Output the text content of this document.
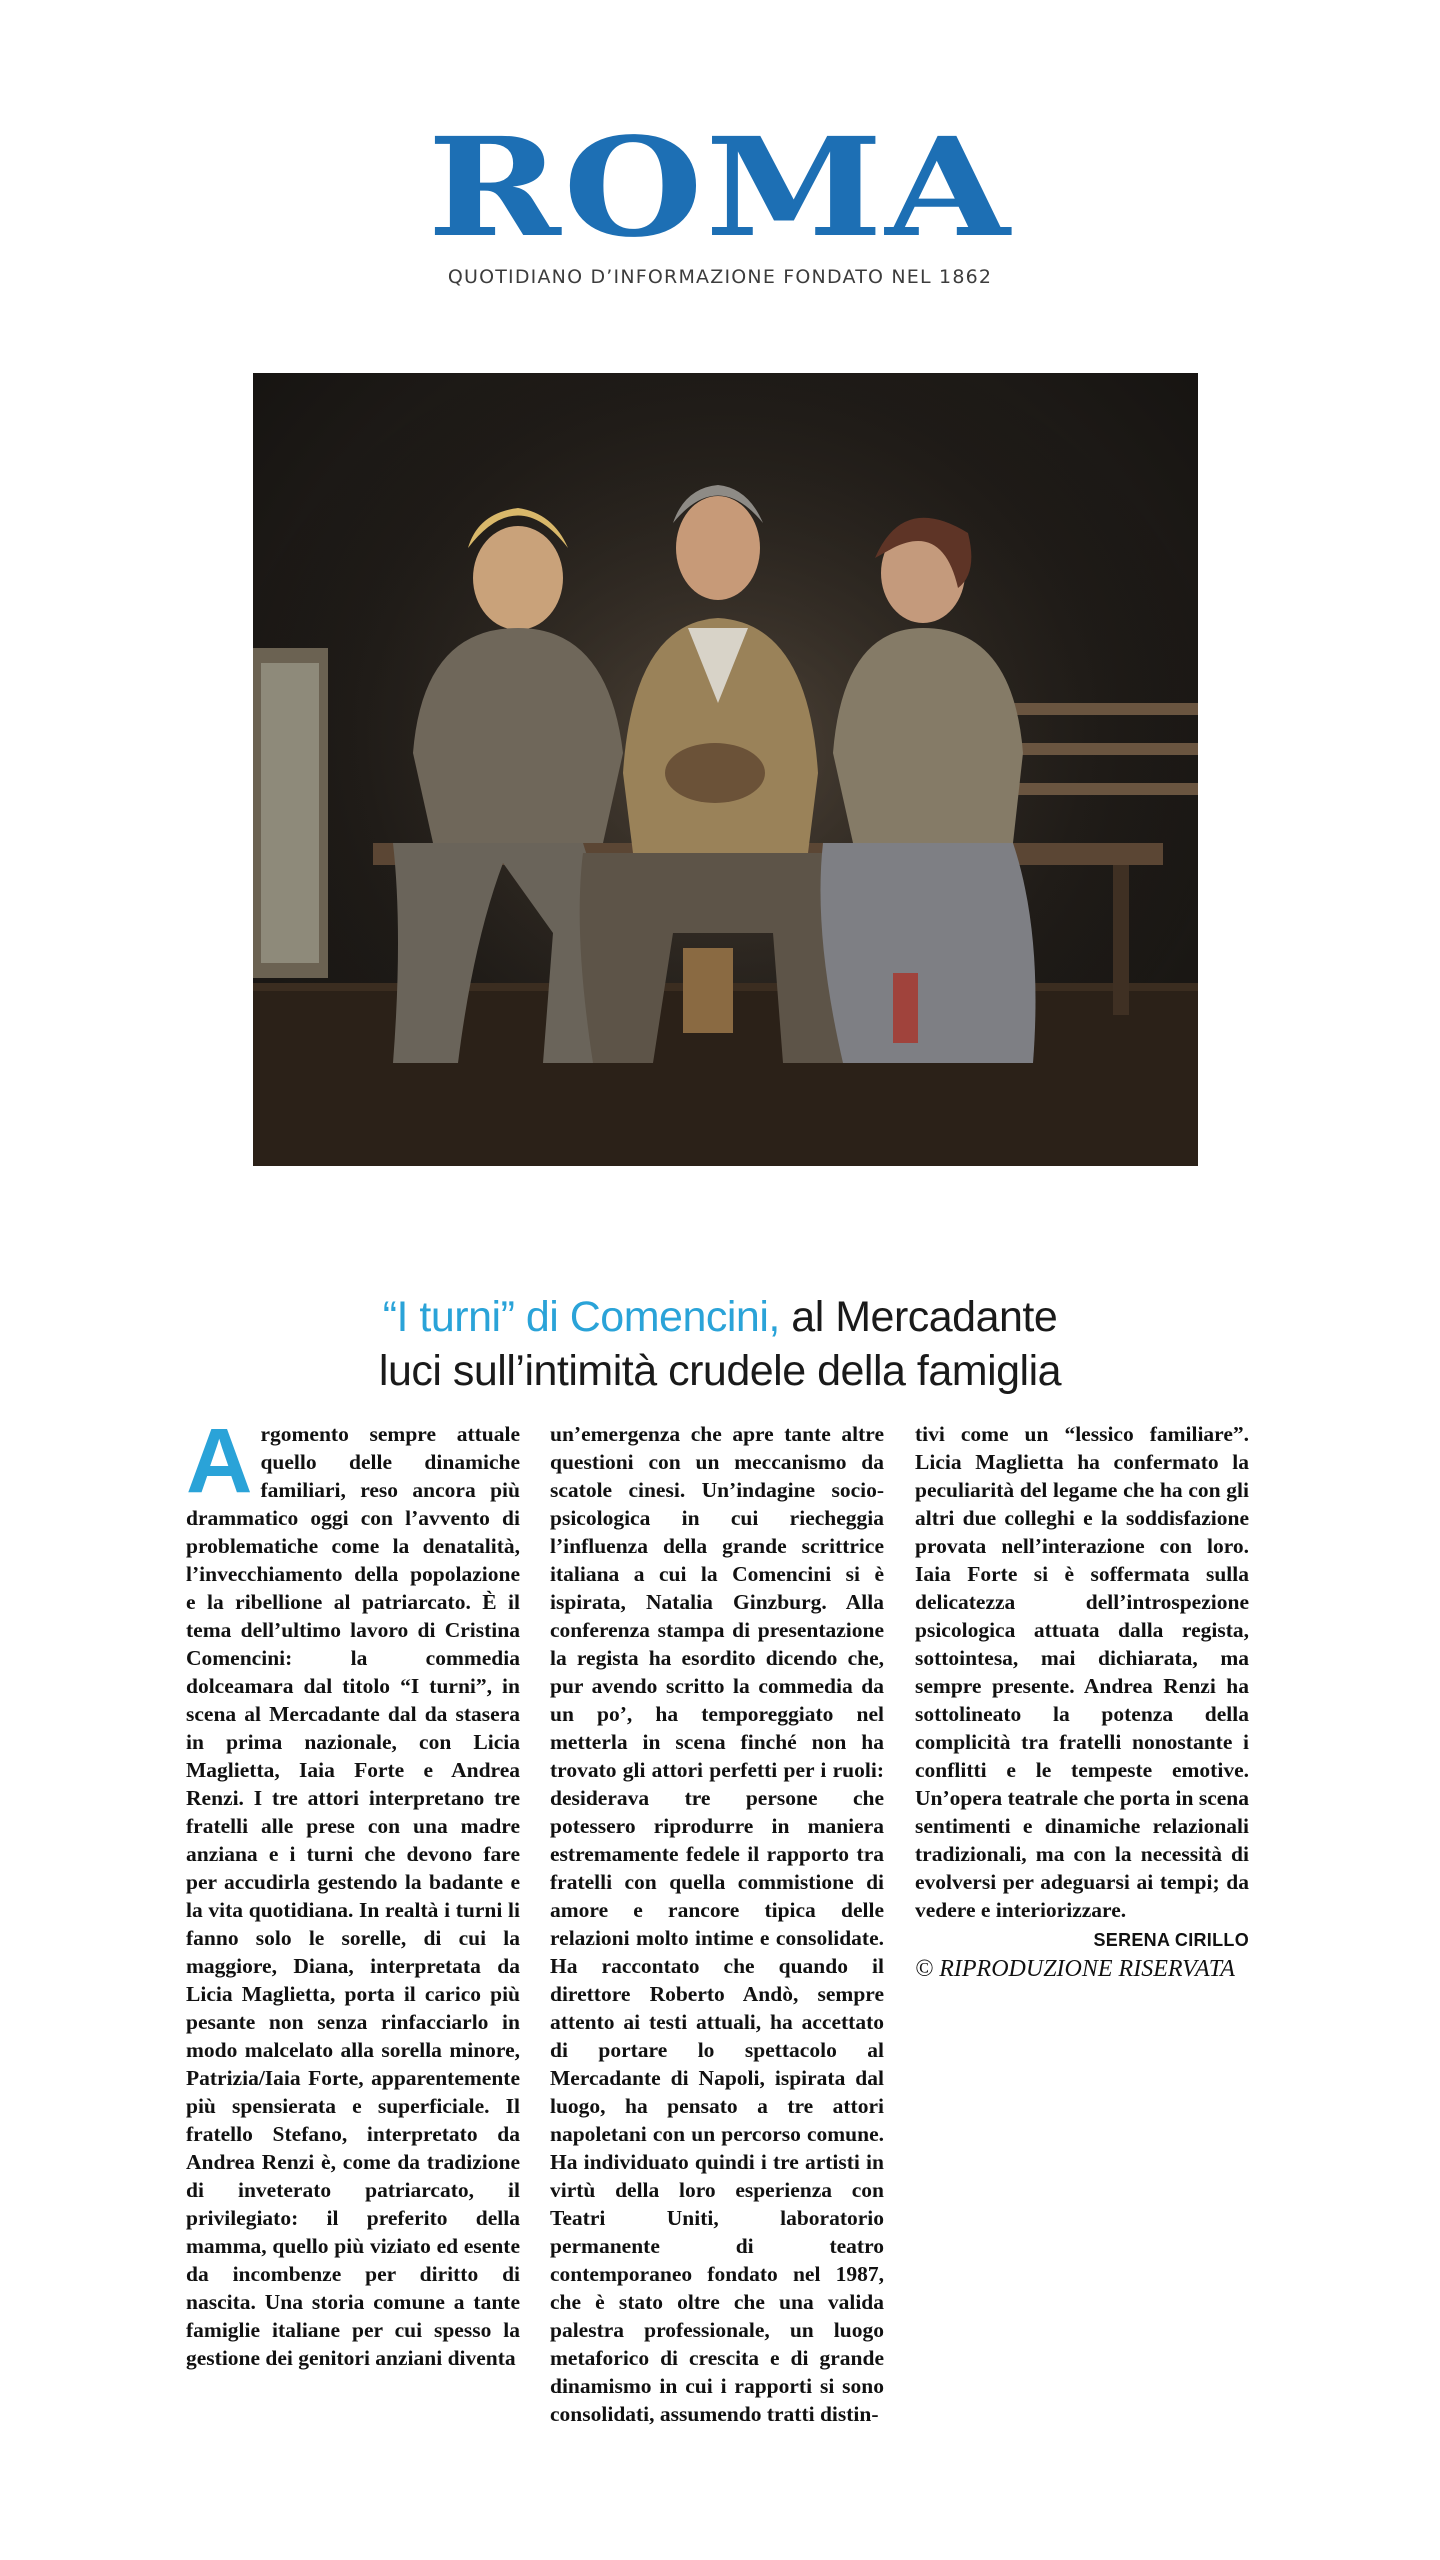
ROMA
QUOTIDIANO D’INFORMAZIONE FONDATO NEL 1862
“I turni” di Comencini, al Mercadante
luci sull’intimità crudele della famiglia
Argomento sempre attuale quello delle dinamiche familiari, reso ancora più drammatico oggi con l’avvento di problematiche come la denatalità, l’invecchiamento della popolazione e la ribellione al patriarcato. È il tema dell’ultimo lavoro di Cristina Comencini: la commedia dolceamara dal titolo “I turni”, in scena al Mercadante dal da stasera in prima nazionale, con Licia Maglietta, Iaia Forte e Andrea Renzi. I tre attori interpretano tre fratelli alle prese con una madre anziana e i turni che devono fare per accudirla gestendo la badante e la vita quotidiana. In realtà i turni li fanno solo le sorelle, di cui la maggiore, Diana, interpretata da Licia Maglietta, porta il carico più pesante non senza rinfacciarlo in modo malcelato alla sorella minore, Patrizia/Iaia Forte, apparentemente più spensierata e superficiale. Il fratello Stefano, interpretato da Andrea Renzi è, come da tradizione di inveterato patriarcato, il privilegiato: il preferito della mamma, quello più viziato ed esente da incombenze per diritto di nascita. Una storia comune a tante famiglie italiane per cui spesso la gestione dei genitori anziani diventa
un’emergenza che apre tante altre questioni con un meccanismo da scatole cinesi. Un’indagine socio-psicologica in cui riecheggia l’influenza della grande scrittrice italiana a cui la Comencini si è ispirata, Natalia Ginzburg. Alla conferenza stampa di presentazione la regista ha esordito dicendo che, pur avendo scritto la commedia da un po’, ha temporeggiato nel metterla in scena finché non ha trovato gli attori perfetti per i ruoli: desiderava tre persone che potessero riprodurre in maniera estremamente fedele il rapporto tra fratelli con quella commistione di amore e rancore tipica delle relazioni molto intime e consolidate. Ha raccontato che quando il direttore Roberto Andò, sempre attento ai testi attuali, ha accettato di portare lo spettacolo al Mercadante di Napoli, ispirata dal luogo, ha pensato a tre attori napoletani con un percorso comune. Ha individuato quindi i tre artisti in virtù della loro esperienza con Teatri Uniti, laboratorio permanente di teatro contemporaneo fondato nel 1987, che è stato oltre che una valida palestra professionale, un luogo metaforico di crescita e di grande dinamismo in cui i rapporti si sono consolidati, assumendo tratti distin-
tivi come un “lessico familiare”. Licia Maglietta ha confermato la peculiarità del legame che ha con gli altri due colleghi e la soddisfazione provata nell’interazione con loro. Iaia Forte si è soffermata sulla delicatezza dell’introspezione psicologica attuata dalla regista, sottointesa, mai dichiarata, ma sempre presente. Andrea Renzi ha sottolineato la potenza della complicità tra fratelli nonostante i conflitti e le tempeste emotive. Un’opera teatrale che porta in scena sentimenti e dinamiche relazionali tradizionali, ma con la necessità di evolversi per adeguarsi ai tempi; da vedere e interiorizzare.
SERENA CIRILLO
© RIPRODUZIONE RISERVATA
